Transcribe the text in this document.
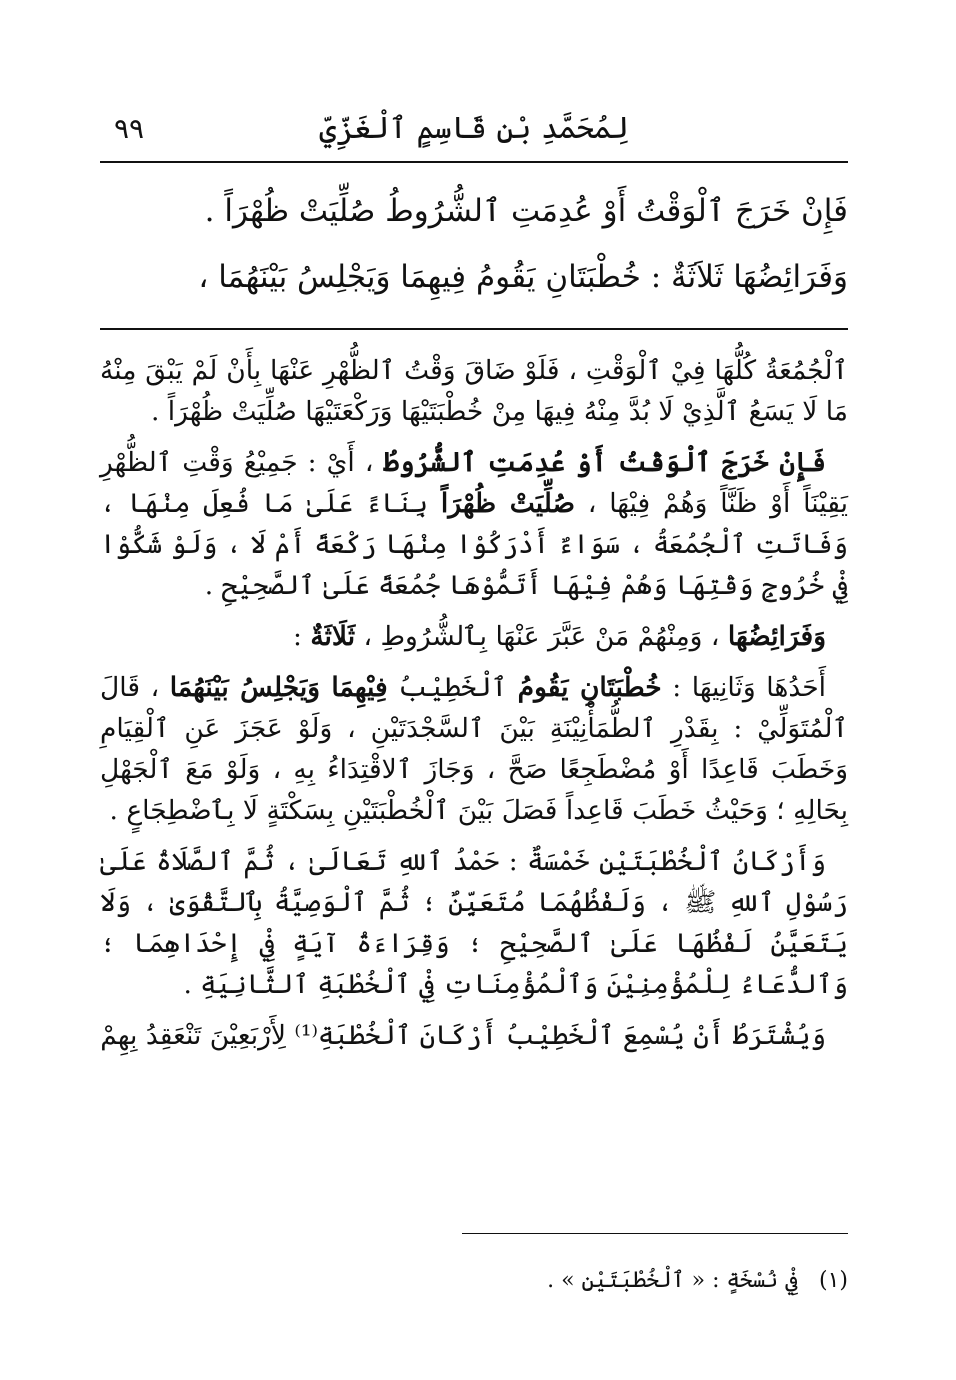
لِمُحَمَّدِ بْنِ قَاسِمٍ ٱلْغَزِّيِّ
٩٩

فَإِنْ خَرَجَ ٱلْوَقْتُ أَوْ عُدِمَتِ ٱلشُّرُوطُ صُلِّيَتْ ظُهْرَاً .

وَفَرَائِضُهَا ثَلاَثَةٌ : خُطْبَتَانِ يَقُومُ فِيهِمَا وَيَجْلِسُ بَيْنَهُمَا ،

ٱلْجُمُعَةُ كُلُّهَا فِيْ ٱلْوَقْتِ ، فَلَوْ ضَاقَ وَقْتُ ٱلظُّهْرِ عَنْهَا بِأَنْ لَمْ يَبْقَ مِنْهُ مَا لَا يَسَعُ ٱلَّذِيْ لَا بُدَّ مِنْهُ فِيهَا مِنْ خُطْبَتَيْهَا وَرَكْعَتَيْهَا صُلِّيَتْ ظُهْرَاً .

فَإِنْ خَرَجَ ٱلْوَقْتُ أَوْ عُدِمَتِ ٱلشُّرُوطُ ، أَيْ : جَمِيْعُ وَقْتِ ٱلظُّهْرِ يَقِيْنَاً أَوْ ظَنَّاً وَهُمْ فِيْهَا ، صُلِّيَتْ ظُهْرَاً بِنَاءً عَلَىٰ مَا فُعِلَ مِنْهَا ، وَفَاتَتِ ٱلْجُمُعَةُ ، سَوَاءٌ أَدْرَكُوْا مِنْهَا رَكْعَةً أَمْ لَا ، وَلَوْ شَكُّوْا فِيْ خُرُوجِ وَقْتِهَا وَهُمْ فِيْهَا أَتَمُّوْهَا جُمُعَةً عَلَىٰ ٱلصَّحِيْحِ .

وَفَرَائِضُهَا ، وَمِنْهُمْ مَنْ عَبَّرَ عَنْهَا بِٱلشُّرُوطِ ، ثَلَاثَةٌ :

أَحَدُهَا وَثَانِيهَا : خُطْبَتَانِ يَقُومُ ٱلْخَطِيْبُ فِيْهِمَا وَيَجْلِسُ بَيْنَهُمَا ، قَالَ ٱلْمُتَوَلِّيْ : بِقَدْرِ ٱلطُّمَأْنِيْنَةِ بَيْنَ ٱلسَّجْدَتَيْنِ ، وَلَوْ عَجَزَ عَنِ ٱلْقِيَامِ وَخَطَبَ قَاعِدًا أَوْ مُضْطَجِعًا صَحَّ ، وَجَازَ ٱلاقْتِدَاءُ بِهِ ، وَلَوْ مَعَ ٱلْجَهْلِ بِحَالِهِ ؛ وَحَيْثُ خَطَبَ قَاعِداً فَصَلَ بَيْنَ ٱلْخُطْبَتَيْنِ بِسَكْتَةٍ لَا بِٱضْطِجَاعٍ .

وَأَرْكَانُ ٱلْخُطْبَتَيْنِ خَمْسَةٌ : حَمْدُ ٱللهِ تَعَالَىٰ ، ثُمَّ ٱلصَّلَاةُ عَلَىٰ رَسُوْلِ ٱللهِ ﷺ ، وَلَفْظُهُمَا مُتَعَيِّنٌ ؛ ثُمَّ ٱلْوَصِيَّةُ بِٱلتَّقْوَىٰ ، وَلَا يَتَعَيَّنُ لَفْظُهَا عَلَىٰ ٱلصَّحِيْحِ ؛ وَقِرَاءَةُ آيَةٍ فِيْ إِحْدَاهِمَا ؛ وَٱلدُّعَاءُ لِلْمُؤْمِنِيْنَ وَٱلْمُؤْمِنَاتِ فِيْ ٱلْخُطْبَةِ ٱلثَّانِيَةِ .

وَيُشْتَرَطُ أَنْ يُسْمِعَ ٱلْخَطِيْبُ أَرْكَانَ ٱلْخُطْبَةِ⁽¹⁾ لِأَرْبَعِيْنَ تَنْعَقِدُ بِهِمْ

(١) فِيْ نُسْخَةٍ : « ٱلْخُطْبَتَيْنِ » .
